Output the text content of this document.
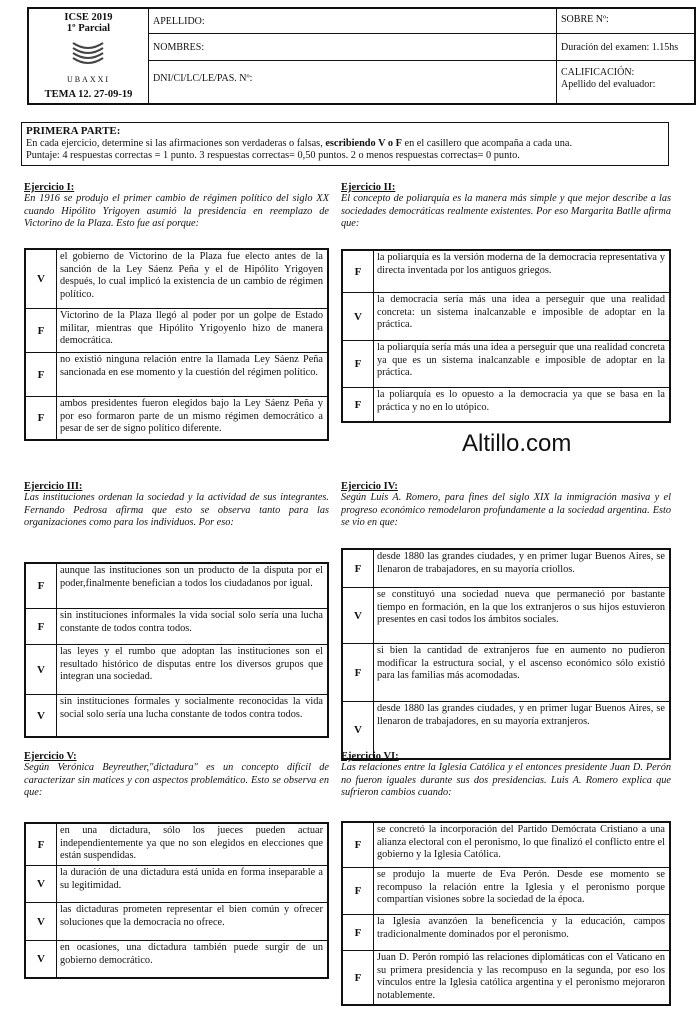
ICSE 2019
1º Parcial
UBAXXI
TEMA 12. 27-09-19
APELLIDO:
NOMBRES:
DNI/CI/LC/LE/PAS. Nº:
SOBRE Nº:
Duración del examen: 1.15hs
CALIFICACIÓN:
Apellido del evaluador:
PRIMERA PARTE:
En cada ejercicio, determine si las afirmaciones son verdaderas o falsas, escribiendo V o F en el casillero que acompaña a cada una.
Puntaje: 4 respuestas correctas = 1 punto. 3 respuestas correctas= 0,50 puntos. 2 o menos respuestas correctas= 0 punto.
Altillo.com
Ejercicio I:
En 1916 se produjo el primer cambio de régimen político del siglo XX cuando Hipólito Yrigoyen asumió la presidencia en reemplazo de Victorino de la Plaza. Esto fue así porque:
V
el gobierno de Victorino de la Plaza fue electo antes de la sanción de la Ley Sáenz Peña y el de Hipólito Yrigoyen después, lo cual implicó la existencia de un cambio de régimen político.
F
Victorino de la Plaza llegó al poder por un golpe de Estado militar, mientras que Hipólito Yrigoyenlo hizo de manera democrática.
F
no existió ninguna relación entre la llamada Ley Sáenz Peña sancionada en ese momento y la cuestión del régimen político.
F
ambos presidentes fueron elegidos bajo la Ley Sáenz Peña y por eso formaron parte de un mismo régimen democrático a pesar de ser de signo político diferente.
Ejercicio II:
El concepto de poliarquía es la manera más simple y que mejor describe a las sociedades democráticas realmente existentes. Por eso Margarita Batlle afirma que:
F
la poliarquía es la versión moderna de la democracia representativa y directa inventada por los antiguos griegos.
V
la democracia sería más una idea a perseguir que una realidad concreta: un sistema inalcanzable e imposible de adoptar en la práctica.
F
la poliarquía sería más una idea a perseguir que una realidad concreta ya que es un sistema inalcanzable e imposible de adoptar en la práctica.
F
la poliarquía es lo opuesto a la democracia ya que se basa en la práctica y no en lo utópico.
Ejercicio III:
Las instituciones ordenan la sociedad y la actividad de sus integrantes. Fernando Pedrosa afirma que esto se observa tanto para las organizaciones como para los individuos. Por eso:
F
aunque las instituciones son un producto de la disputa por el poder,finalmente benefician a todos los ciudadanos por igual.
F
sin instituciones informales la vida social solo sería una lucha constante de todos contra todos.
V
las leyes y el rumbo que adoptan las instituciones son el resultado histórico de disputas entre los diversos grupos que integran una sociedad.
V
sin instituciones formales y socialmente reconocidas la vida social solo sería una lucha constante de todos contra todos.
Ejercicio IV:
Según Luis A. Romero, para fines del siglo XIX la inmigración masiva y el progreso económico remodelaron profundamente a la sociedad argentina. Esto se vio en que:
F
desde 1880 las grandes ciudades, y en primer lugar Buenos Aires, se llenaron de trabajadores, en su mayoría criollos.
V
se constituyó una sociedad nueva que permaneció por bastante tiempo en formación, en la que los extranjeros o sus hijos estuvieron presentes en casi todos los ámbitos sociales.
F
si bien la cantidad de extranjeros fue en aumento no pudieron modificar la estructura social, y el ascenso económico sólo existió para las familias más acomodadas.
V
desde 1880 las grandes ciudades, y en primer lugar Buenos Aires, se llenaron de trabajadores, en su mayoría extranjeros.
Ejercicio V:
Según Verónica Beyreuther,"dictadura" es un concepto difícil de caracterizar sin matices y con aspectos problemático. Esto se observa en que:
F
en una dictadura, sólo los jueces pueden actuar independientemente ya que no son elegidos en elecciones que están suspendidas.
V
la duración de una dictadura está unida en forma inseparable a su legitimidad.
V
las dictaduras prometen representar el bien común y ofrecer soluciones que la democracia no ofrece.
V
en ocasiones, una dictadura también puede surgir de un gobierno democrático.
Ejercicio VI:
Las relaciones entre la Iglesia Católica y el entonces presidente Juan D. Perón no fueron iguales durante sus dos presidencias. Luis A. Romero explica que sufrieron cambios cuando:
F
se concretó la incorporación del Partido Demócrata Cristiano a una alianza electoral con el peronismo, lo que finalizó el conflicto entre el gobierno y la Iglesia Católica.
F
se produjo la muerte de Eva Perón. Desde ese momento se recompuso la relación entre la Iglesia y el peronismo porque compartían visiones sobre la sociedad de la época.
F
la Iglesia avanzóen la beneficencia y la educación, campos tradicionalmente dominados por el peronismo.
F
Juan D. Perón rompió las relaciones diplomáticas con el Vaticano en su primera presidencia y las recompuso en la segunda, por eso los vínculos entre la Iglesia católica argentina y el peronismo mejoraron notablemente.
